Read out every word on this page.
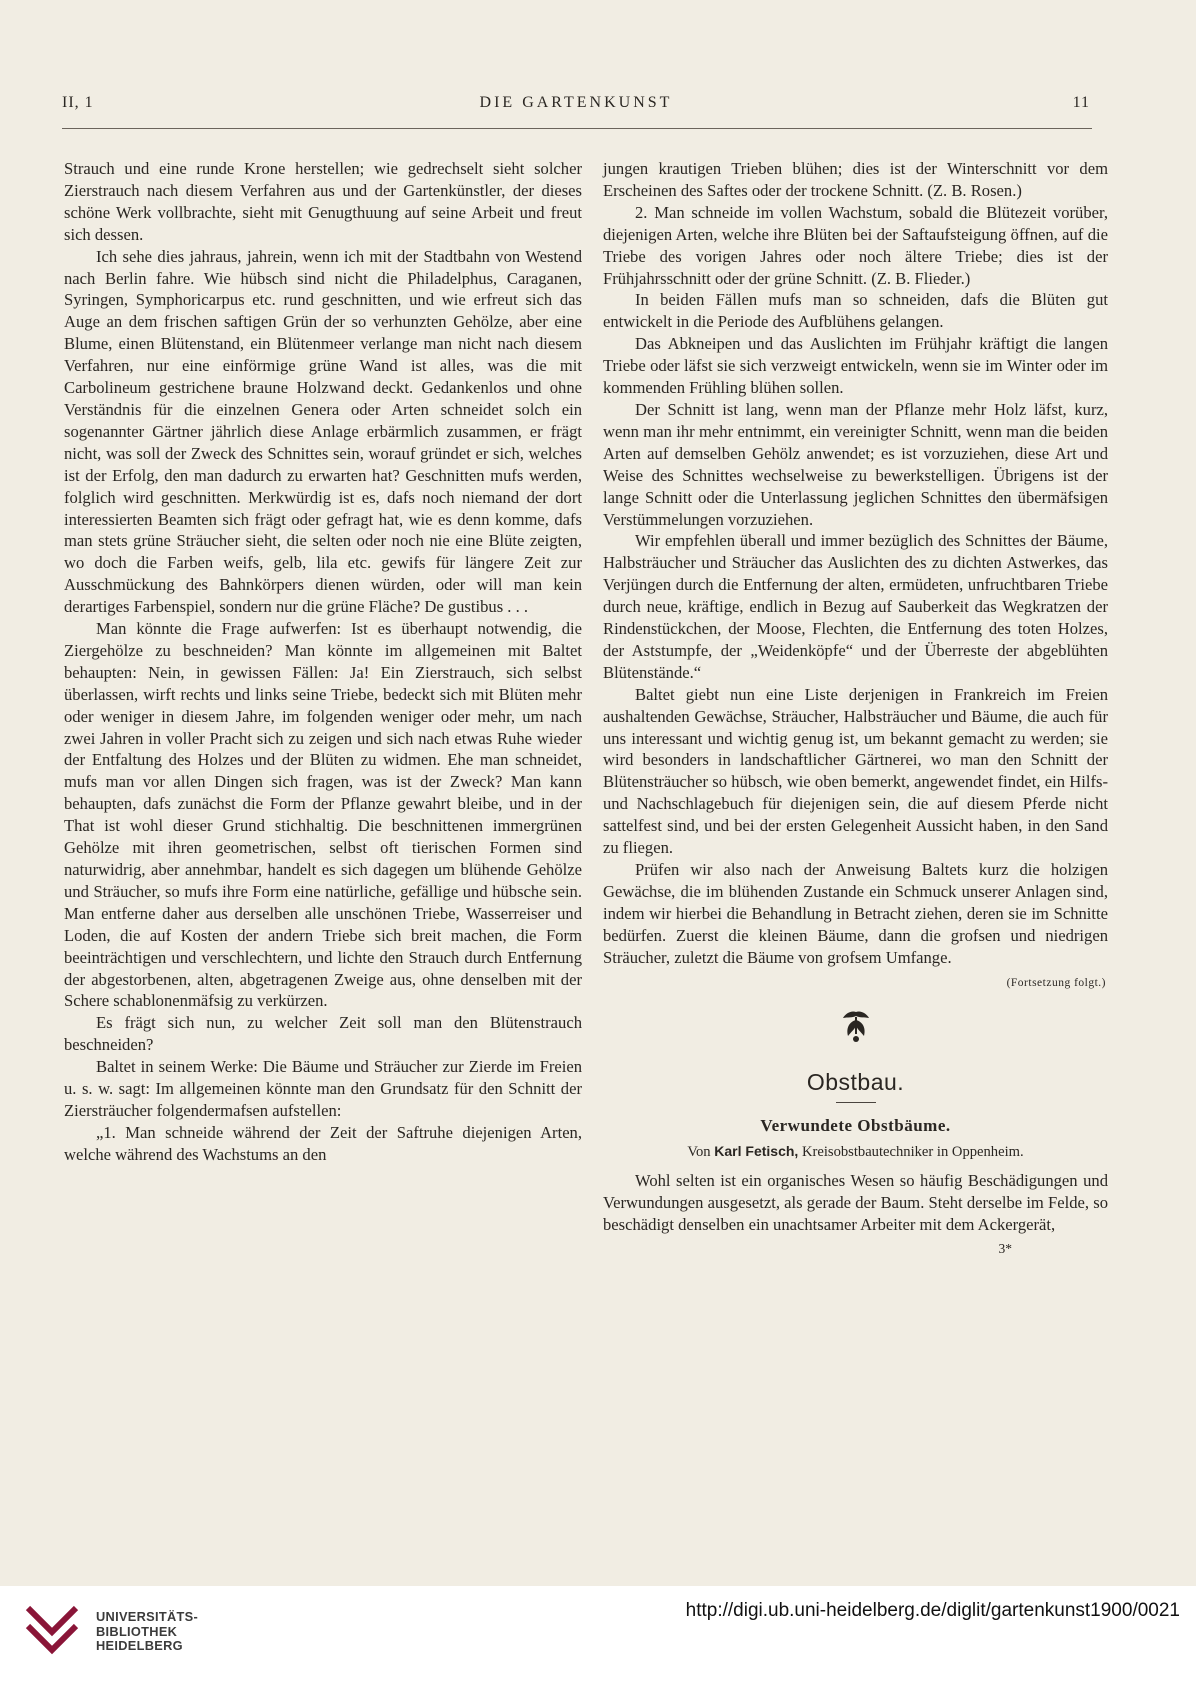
II, 1	DIE GARTENKUNST	11

Strauch und eine runde Krone herstellen; wie gedrechselt sieht solcher Zierstrauch nach diesem Verfahren aus und der Gartenkünstler, der dieses schöne Werk vollbrachte, sieht mit Genugthuung auf seine Arbeit und freut sich dessen.

Ich sehe dies jahraus, jahrein, wenn ich mit der Stadtbahn von Westend nach Berlin fahre. Wie hübsch sind nicht die Philadelphus, Caraganen, Syringen, Symphoricarpus etc. rund geschnitten, und wie erfreut sich das Auge an dem frischen saftigen Grün der so verhunzten Gehölze, aber eine Blume, einen Blütenstand, ein Blütenmeer verlange man nicht nach diesem Verfahren, nur eine einförmige grüne Wand ist alles, was die mit Carbolineum gestrichene braune Holzwand deckt. Gedankenlos und ohne Verständnis für die einzelnen Genera oder Arten schneidet solch ein sogenannter Gärtner jährlich diese Anlage erbärmlich zusammen, er frägt nicht, was soll der Zweck des Schnittes sein, worauf gründet er sich, welches ist der Erfolg, den man dadurch zu erwarten hat? Geschnitten mufs werden, folglich wird geschnitten. Merkwürdig ist es, dafs noch niemand der dort interessierten Beamten sich frägt oder gefragt hat, wie es denn komme, dafs man stets grüne Sträucher sieht, die selten oder noch nie eine Blüte zeigten, wo doch die Farben weifs, gelb, lila etc. gewifs für längere Zeit zur Ausschmückung des Bahnkörpers dienen würden, oder will man kein derartiges Farbenspiel, sondern nur die grüne Fläche? De gustibus . . .

Man könnte die Frage aufwerfen: Ist es überhaupt notwendig, die Ziergehölze zu beschneiden? Man könnte im allgemeinen mit Baltet behaupten: Nein, in gewissen Fällen: Ja! Ein Zierstrauch, sich selbst überlassen, wirft rechts und links seine Triebe, bedeckt sich mit Blüten mehr oder weniger in diesem Jahre, im folgenden weniger oder mehr, um nach zwei Jahren in voller Pracht sich zu zeigen und sich nach etwas Ruhe wieder der Entfaltung des Holzes und der Blüten zu widmen. Ehe man schneidet, mufs man vor allen Dingen sich fragen, was ist der Zweck? Man kann behaupten, dafs zunächst die Form der Pflanze gewahrt bleibe, und in der That ist wohl dieser Grund stichhaltig. Die beschnittenen immergrünen Gehölze mit ihren geometrischen, selbst oft tierischen Formen sind naturwidrig, aber annehmbar, handelt es sich dagegen um blühende Gehölze und Sträucher, so mufs ihre Form eine natürliche, gefällige und hübsche sein. Man entferne daher aus derselben alle unschönen Triebe, Wasserreiser und Loden, die auf Kosten der andern Triebe sich breit machen, die Form beeinträchtigen und verschlechtern, und lichte den Strauch durch Entfernung der abgestorbenen, alten, abgetragenen Zweige aus, ohne denselben mit der Schere schablonenmäfsig zu verkürzen.

Es frägt sich nun, zu welcher Zeit soll man den Blütenstrauch beschneiden?

Baltet in seinem Werke: Die Bäume und Sträucher zur Zierde im Freien u. s. w. sagt: Im allgemeinen könnte man den Grundsatz für den Schnitt der Ziersträucher folgendermafsen aufstellen:

„1. Man schneide während der Zeit der Saftruhe diejenigen Arten, welche während des Wachstums an den

jungen krautigen Trieben blühen; dies ist der Winterschnitt vor dem Erscheinen des Saftes oder der trockene Schnitt. (Z. B. Rosen.)

2. Man schneide im vollen Wachstum, sobald die Blütezeit vorüber, diejenigen Arten, welche ihre Blüten bei der Saftaufsteigung öffnen, auf die Triebe des vorigen Jahres oder noch ältere Triebe; dies ist der Frühjahrsschnitt oder der grüne Schnitt. (Z. B. Flieder.)

In beiden Fällen mufs man so schneiden, dafs die Blüten gut entwickelt in die Periode des Aufblühens gelangen.

Das Abkneipen und das Auslichten im Frühjahr kräftigt die langen Triebe oder läfst sie sich verzweigt entwickeln, wenn sie im Winter oder im kommenden Frühling blühen sollen.

Der Schnitt ist lang, wenn man der Pflanze mehr Holz läfst, kurz, wenn man ihr mehr entnimmt, ein vereinigter Schnitt, wenn man die beiden Arten auf demselben Gehölz anwendet; es ist vorzuziehen, diese Art und Weise des Schnittes wechselweise zu bewerkstelligen. Übrigens ist der lange Schnitt oder die Unterlassung jeglichen Schnittes den übermäfsigen Verstümmelungen vorzuziehen.

Wir empfehlen überall und immer bezüglich des Schnittes der Bäume, Halbsträucher und Sträucher das Auslichten des zu dichten Astwerkes, das Verjüngen durch die Entfernung der alten, ermüdeten, unfruchtbaren Triebe durch neue, kräftige, endlich in Bezug auf Sauberkeit das Wegkratzen der Rindenstückchen, der Moose, Flechten, die Entfernung des toten Holzes, der Aststumpfe, der „Weidenköpfe“ und der Überreste der abgeblühten Blütenstände.“

Baltet giebt nun eine Liste derjenigen in Frankreich im Freien aushaltenden Gewächse, Sträucher, Halbsträucher und Bäume, die auch für uns interessant und wichtig genug ist, um bekannt gemacht zu werden; sie wird besonders in landschaftlicher Gärtnerei, wo man den Schnitt der Blütensträucher so hübsch, wie oben bemerkt, angewendet findet, ein Hilfs- und Nachschlagebuch für diejenigen sein, die auf diesem Pferde nicht sattelfest sind, und bei der ersten Gelegenheit Aussicht haben, in den Sand zu fliegen.

Prüfen wir also nach der Anweisung Baltets kurz die holzigen Gewächse, die im blühenden Zustande ein Schmuck unserer Anlagen sind, indem wir hierbei die Behandlung in Betracht ziehen, deren sie im Schnitte bedürfen. Zuerst die kleinen Bäume, dann die grofsen und niedrigen Sträucher, zuletzt die Bäume von grofsem Umfange.

(Fortsetzung folgt.)
Obstbau.
Verwundete Obstbäume.
Von Karl Fetisch, Kreisobstbautechniker in Oppenheim.

Wohl selten ist ein organisches Wesen so häufig Beschädigungen und Verwundungen ausgesetzt, als gerade der Baum. Steht derselbe im Felde, so beschädigt denselben ein unachtsamer Arbeiter mit dem Ackergerät,

3*
UNIVERSITÄTS-
BIBLIOTHEK
HEIDELBERG
http://digi.ub.uni-heidelberg.de/diglit/gartenkunst1900/0021
